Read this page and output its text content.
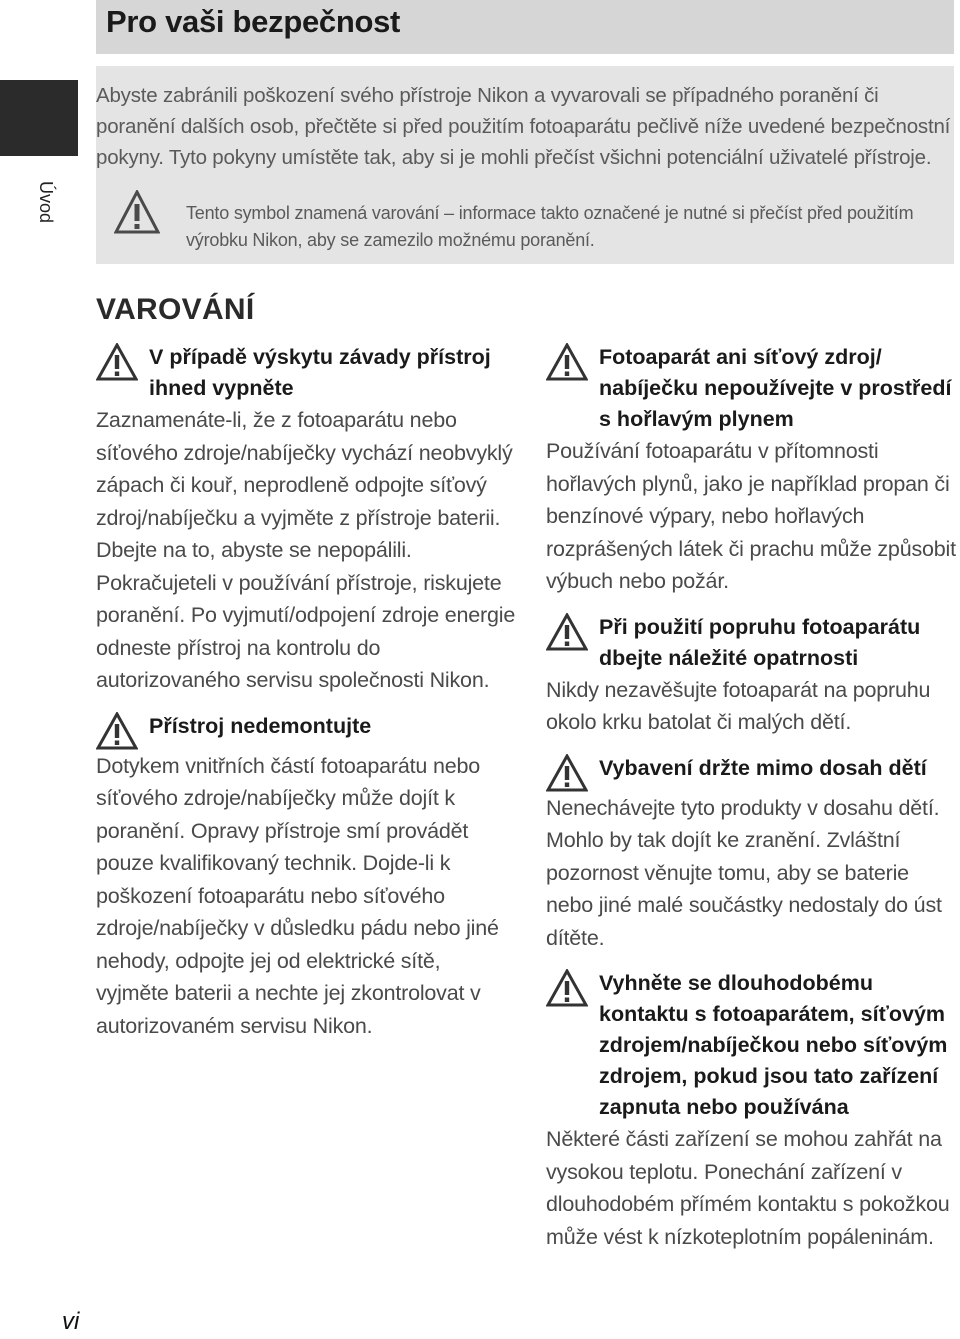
Pro vaši bezpečnost
Úvod
Abyste zabránili poškození svého přístroje Nikon a vyvarovali se případného poranění či poranění dalších osob, přečtěte si před použitím fotoaparátu pečlivě níže uvedené bezpečnostní pokyny. Tyto pokyny umístěte tak, aby si je mohli přečíst všichni potenciální uživatelé přístroje.
Tento symbol znamená varování – informace takto označené je nutné si přečíst před použitím výrobku Nikon, aby se zamezilo možnému poranění.
VAROVÁNÍ
V případě výskytu závady přístroj ihned vypněte
Zaznamenáte-li, že z fotoaparátu nebo síťového zdroje/nabíječky vychází neobvyklý zápach či kouř, neprodleně odpojte síťový zdroj/nabíječku a vyjměte z přístroje baterii. Dbejte na to, abyste se nepopálili. Pokračujeteli v používání přístroje, riskujete poranění. Po vyjmutí/odpojení zdroje energie odneste přístroj na kontrolu do autorizovaného servisu společnosti Nikon.
Přístroj nedemontujte
Dotykem vnitřních částí fotoaparátu nebo síťového zdroje/nabíječky může dojít k poranění. Opravy přístroje smí provádět pouze kvalifikovaný technik. Dojde-li k poškození fotoaparátu nebo síťového zdroje/nabíječky v důsledku pádu nebo jiné nehody, odpojte jej od elektrické sítě, vyjměte baterii a nechte jej zkontrolovat v autorizovaném servisu Nikon.
Fotoaparát ani síťový zdroj/ nabíječku nepoužívejte v prostředí s hořlavým plynem
Používání fotoaparátu v přítomnosti hořlavých plynů, jako je například propan či benzínové výpary, nebo hořlavých rozprášených látek či prachu může způsobit výbuch nebo požár.
Při použití popruhu fotoaparátu dbejte náležité opatrnosti
Nikdy nezavěšujte fotoaparát na popruhu okolo krku batolat či malých dětí.
Vybavení držte mimo dosah dětí
Nenechávejte tyto produkty v dosahu dětí. Mohlo by tak dojít ke zranění. Zvláštní pozornost věnujte tomu, aby se baterie nebo jiné malé součástky nedostaly do úst dítěte.
Vyhněte se dlouhodobému kontaktu s fotoaparátem, síťovým zdrojem/nabíječkou nebo síťovým zdrojem, pokud jsou tato zařízení zapnuta nebo používána
Některé části zařízení se mohou zahřát na vysokou teplotu. Ponechání zařízení v dlouhodobém přímém kontaktu s pokožkou může vést k nízkoteplotním popáleninám.
vi
